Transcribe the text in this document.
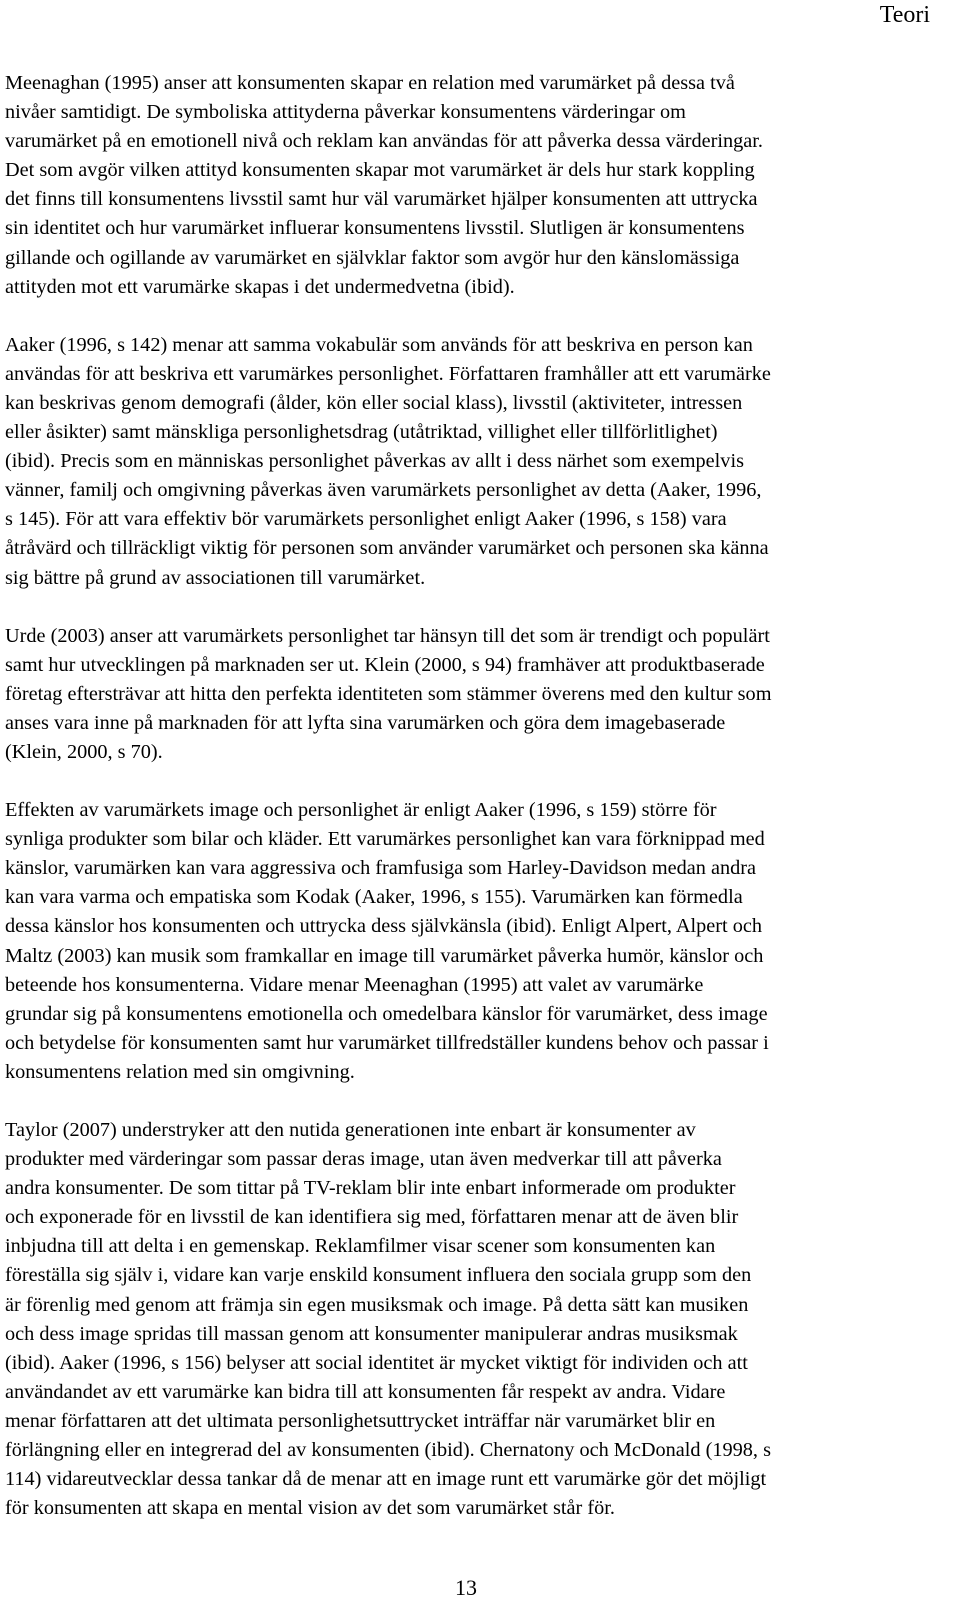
Teori

Meenaghan (1995) anser att konsumenten skapar en relation med varumärket på dessa två
nivåer samtidigt. De symboliska attityderna påverkar konsumentens värderingar om
varumärket på en emotionell nivå och reklam kan användas för att påverka dessa värderingar.
Det som avgör vilken attityd konsumenten skapar mot varumärket är dels hur stark koppling
det finns till konsumentens livsstil samt hur väl varumärket hjälper konsumenten att uttrycka
sin identitet och hur varumärket influerar konsumentens livsstil. Slutligen är konsumentens
gillande och ogillande av varumärket en självklar faktor som avgör hur den känslomässiga
attityden mot ett varumärke skapas i det undermedvetna (ibid).

Aaker (1996, s 142) menar att samma vokabulär som används för att beskriva en person kan
användas för att beskriva ett varumärkes personlighet. Författaren framhåller att ett varumärke
kan beskrivas genom demografi (ålder, kön eller social klass), livsstil (aktiviteter, intressen
eller åsikter) samt mänskliga personlighetsdrag (utåtriktad, villighet eller tillförlitlighet)
(ibid). Precis som en människas personlighet påverkas av allt i dess närhet som exempelvis
vänner, familj och omgivning påverkas även varumärkets personlighet av detta (Aaker, 1996,
s 145). För att vara effektiv bör varumärkets personlighet enligt Aaker (1996, s 158) vara
åtråvärd och tillräckligt viktig för personen som använder varumärket och personen ska känna
sig bättre på grund av associationen till varumärket.

Urde (2003) anser att varumärkets personlighet tar hänsyn till det som är trendigt och populärt
samt hur utvecklingen på marknaden ser ut. Klein (2000, s 94) framhäver att produktbaserade
företag eftersträvar att hitta den perfekta identiteten som stämmer överens med den kultur som
anses vara inne på marknaden för att lyfta sina varumärken och göra dem imagebaserade
(Klein, 2000, s 70).

Effekten av varumärkets image och personlighet är enligt Aaker (1996, s 159) större för
synliga produkter som bilar och kläder. Ett varumärkes personlighet kan vara förknippad med
känslor, varumärken kan vara aggressiva och framfusiga som Harley-Davidson medan andra
kan vara varma och empatiska som Kodak (Aaker, 1996, s 155). Varumärken kan förmedla
dessa känslor hos konsumenten och uttrycka dess självkänsla (ibid). Enligt Alpert, Alpert och
Maltz (2003) kan musik som framkallar en image till varumärket påverka humör, känslor och
beteende hos konsumenterna. Vidare menar Meenaghan (1995) att valet av varumärke
grundar sig på konsumentens emotionella och omedelbara känslor för varumärket, dess image
och betydelse för konsumenten samt hur varumärket tillfredställer kundens behov och passar i
konsumentens relation med sin omgivning.

Taylor (2007) understryker att den nutida generationen inte enbart är konsumenter av
produkter med värderingar som passar deras image, utan även medverkar till att påverka
andra konsumenter. De som tittar på TV-reklam blir inte enbart informerade om produkter
och exponerade för en livsstil de kan identifiera sig med, författaren menar att de även blir
inbjudna till att delta i en gemenskap. Reklamfilmer visar scener som konsumenten kan
föreställa sig själv i, vidare kan varje enskild konsument influera den sociala grupp som den
är förenlig med genom att främja sin egen musiksmak och image. På detta sätt kan musiken
och dess image spridas till massan genom att konsumenter manipulerar andras musiksmak
(ibid). Aaker (1996, s 156) belyser att social identitet är mycket viktigt för individen och att
användandet av ett varumärke kan bidra till att konsumenten får respekt av andra. Vidare
menar författaren att det ultimata personlighetsuttrycket inträffar när varumärket blir en
förlängning eller en integrerad del av konsumenten (ibid). Chernatony och McDonald (1998, s
114) vidareutvecklar dessa tankar då de menar att en image runt ett varumärke gör det möjligt
för konsumenten att skapa en mental vision av det som varumärket står för.

13
